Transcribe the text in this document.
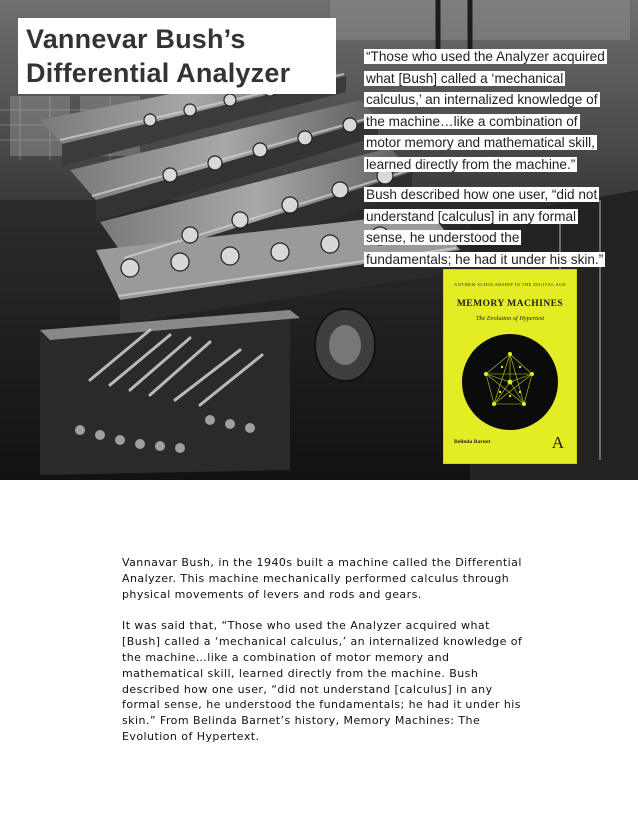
Vannevar Bush’s
Differential Analyzer
“Those who used the Analyzer acquired
what [Bush] called a ‘mechanical
calculus,’ an internalized knowledge of
the machine…like a combination of
motor memory and mathematical skill,
learned directly from the machine.”
Bush described how one user, “did not
understand [calculus] in any formal
sense, he understood the
fundamentals; he had it under his skin.”
ANTHEM SCHOLARSHIP IN THE DIGITAL AGE
MEMORY MACHINES
The Evolution of Hypertext
Belinda Barnet	A

Vannavar Bush, in the 1940s built a machine called the Differential
Analyzer. This machine mechanically performed calculus through
physical movements of levers and rods and gears.

It was said that, “Those who used the Analyzer acquired what
[Bush] called a ‘mechanical calculus,’ an internalized knowledge of
the machine…like a combination of motor memory and
mathematical skill, learned directly from the machine. Bush
described how one user, “did not understand [calculus] in any
formal sense, he understood the fundamentals; he had it under his
skin.” From Belinda Barnet’s history, Memory Machines: The
Evolution of Hypertext.
